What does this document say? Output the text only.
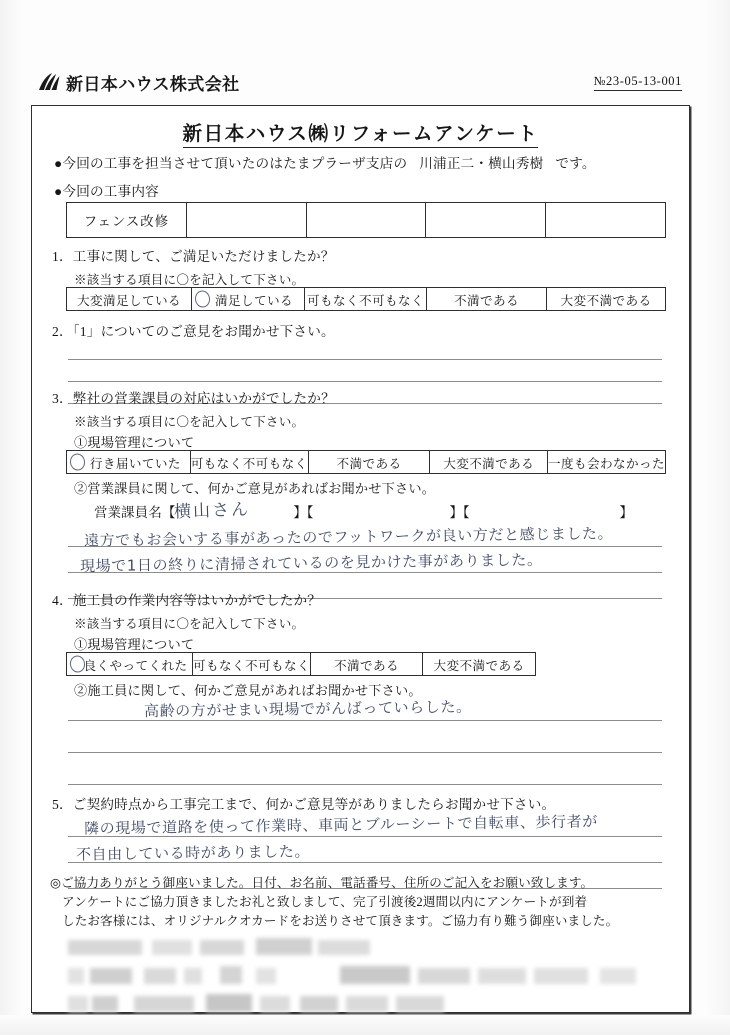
新日本ハウス株式会社	№23-05-13-001
新日本ハウス㈱リフォームアンケート
●今回の工事を担当させて頂いたのはたまプラーザ支店の 川浦正二・横山秀樹 です。
●今回の工事内容
フェンス改修
1．工事に関して、ご満足いただけましたか？
※該当する項目に〇を記入して下さい。
大変満足している	満足している 可もなく不可もなく 不満である	大変不満である
2．「1」についてのご意見をお聞かせ下さい。
3．弊社の営業課員の対応はいかがでしたか？
※該当する項目に〇を記入して下さい。
①現場管理について
行き届いていた 可もなく不可もなく 不満である	大変不満である 一度も会わなかった
②営業課員に関して、何かご意見があればお聞かせ下さい。
営業課員名【	】【	】【	】
横山さん
遠方でもお会いする事があったのでフットワークが良い方だと感じました。
現場で1日の終りに清掃されているのを見かけた事がありました。
4．施工員の作業内容等はいかがでしたか？
※該当する項目に〇を記入して下さい。
①現場管理について
良くやってくれた 可もなく不可もなく 不満である	大変不満である
②施工員に関して、何かご意見があればお聞かせ下さい。
高齢の方がせまい現場でがんばっていらした。
5．ご契約時点から工事完工まで、何かご意見等がありましたらお聞かせ下さい。
隣の現場で道路を使って作業時、車両とブルーシートで自転車、歩行者が
不自由している時がありました。
◎ご協力ありがとう御座いました。日付、お名前、電話番号、住所のご記入をお願い致します。
アンケートにご協力頂きましたお礼と致しまして、完了引渡後2週間以内にアンケートが到着
したお客様には、オリジナルクオカードをお送りさせて頂きます。ご協力有り難う御座いました。
